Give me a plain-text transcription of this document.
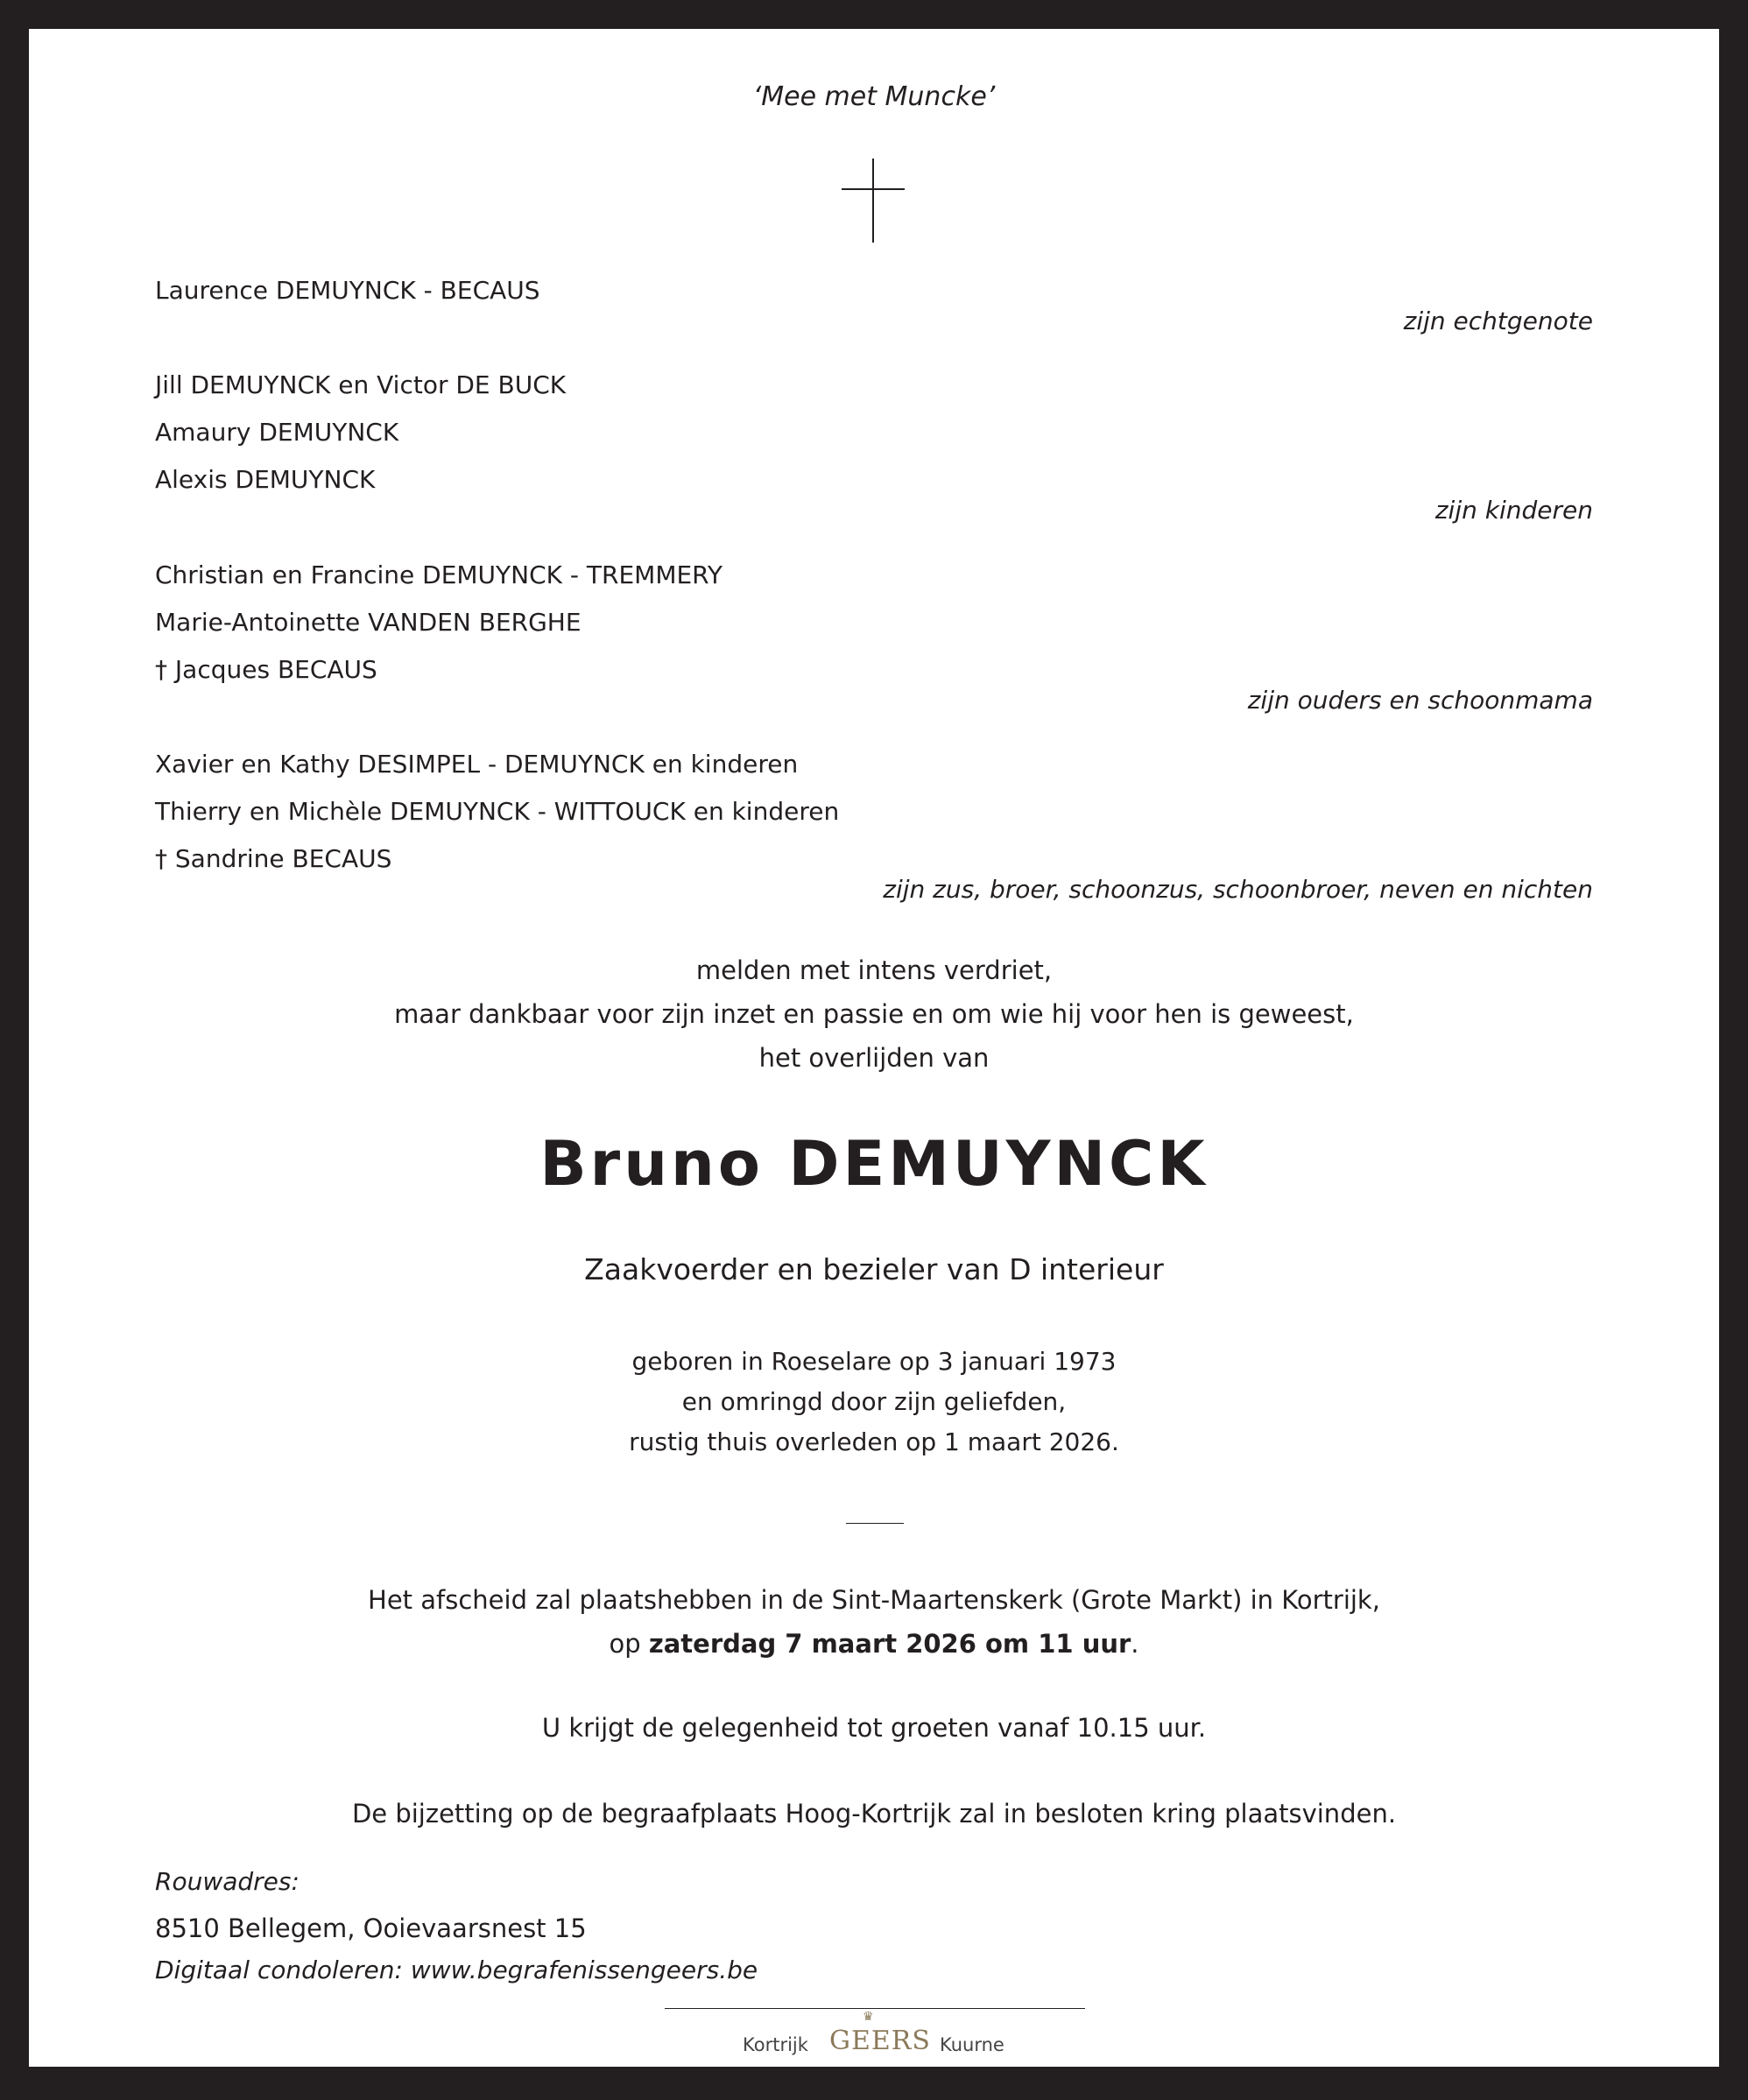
‘Mee met Muncke’
Laurence DEMUYNCK - BECAUS
zijn echtgenote
Jill DEMUYNCK en Victor DE BUCK
Amaury DEMUYNCK
Alexis DEMUYNCK
zijn kinderen
Christian en Francine DEMUYNCK - TREMMERY
Marie-Antoinette VANDEN BERGHE
† Jacques BECAUS
zijn ouders en schoonmama
Xavier en Kathy DESIMPEL - DEMUYNCK en kinderen
Thierry en Michèle DEMUYNCK - WITTOUCK en kinderen
† Sandrine BECAUS
zijn zus, broer, schoonzus, schoonbroer, neven en nichten
melden met intens verdriet,
maar dankbaar voor zijn inzet en passie en om wie hij voor hen is geweest,
het overlijden van
Bruno DEMUYNCK
Zaakvoerder en bezieler van D interieur
geboren in Roeselare op 3 januari 1973
en omringd door zijn geliefden,
rustig thuis overleden op 1 maart 2026.
Het afscheid zal plaatshebben in de Sint-Maartenskerk (Grote Markt) in Kortrijk,
op zaterdag 7 maart 2026 om 11 uur.
U krijgt de gelegenheid tot groeten vanaf 10.15 uur.
De bijzetting op de begraafplaats Hoog-Kortrijk zal in besloten kring plaatsvinden.
Rouwadres:
8510 Bellegem, Ooievaarsnest 15
Digitaal condoleren: www.begrafenissengeers.be
Kortrijk
♛
GEERS Kuurne
